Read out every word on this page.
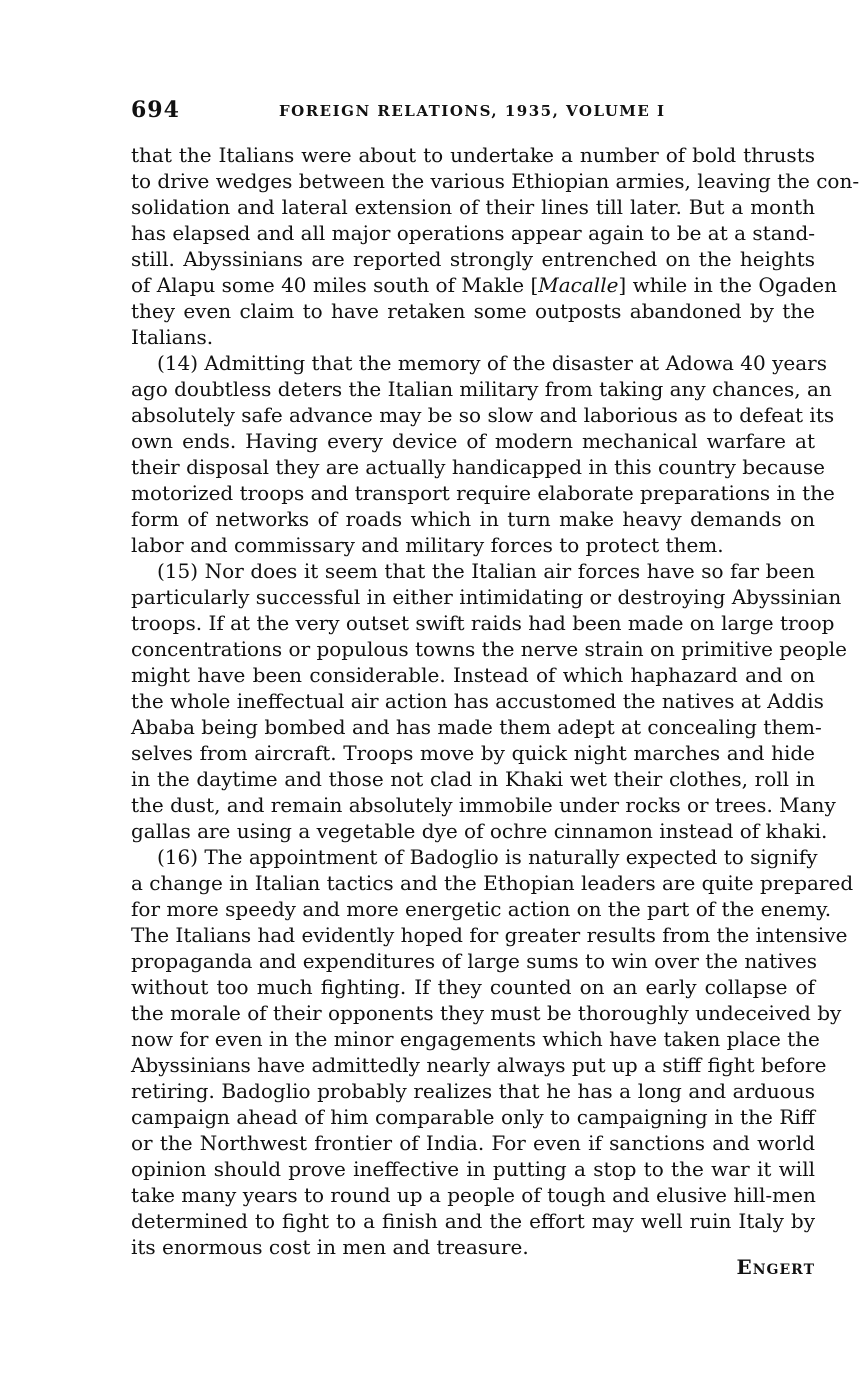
694	FOREIGN RELATIONS, 1935, VOLUME I
that the Italians were about to undertake a number of bold thrusts
to drive wedges between the various Ethiopian armies, leaving the con-
solidation and lateral extension of their lines till later. But a month
has elapsed and all major operations appear again to be at a stand-
still. Abyssinians are reported strongly entrenched on the heights
of Alapu some 40 miles south of Makle [Macalle] while in the Ogaden
they even claim to have retaken some outposts abandoned by the
Italians.
(14) Admitting that the memory of the disaster at Adowa 40 years
ago doubtless deters the Italian military from taking any chances, an
absolutely safe advance may be so slow and laborious as to defeat its
own ends. Having every device of modern mechanical warfare at
their disposal they are actually handicapped in this country because
motorized troops and transport require elaborate preparations in the
form of networks of roads which in turn make heavy demands on
labor and commissary and military forces to protect them.
(15) Nor does it seem that the Italian air forces have so far been
particularly successful in either intimidating or destroying Abyssinian
troops. If at the very outset swift raids had been made on large troop
concentrations or populous towns the nerve strain on primitive people
might have been considerable. Instead of which haphazard and on
the whole ineffectual air action has accustomed the natives at Addis
Ababa being bombed and has made them adept at concealing them-
selves from aircraft. Troops move by quick night marches and hide
in the daytime and those not clad in Khaki wet their clothes, roll in
the dust, and remain absolutely immobile under rocks or trees. Many
gallas are using a vegetable dye of ochre cinnamon instead of khaki.
(16) The appointment of Badoglio is naturally expected to signify
a change in Italian tactics and the Ethopian leaders are quite prepared
for more speedy and more energetic action on the part of the enemy.
The Italians had evidently hoped for greater results from the intensive
propaganda and expenditures of large sums to win over the natives
without too much fighting. If they counted on an early collapse of
the morale of their opponents they must be thoroughly undeceived by
now for even in the minor engagements which have taken place the
Abyssinians have admittedly nearly always put up a stiff fight before
retiring. Badoglio probably realizes that he has a long and arduous
campaign ahead of him comparable only to campaigning in the Riff
or the Northwest frontier of India. For even if sanctions and world
opinion should prove ineffective in putting a stop to the war it will
take many years to round up a people of tough and elusive hill-men
determined to fight to a finish and the effort may well ruin Italy by
its enormous cost in men and treasure.
Engert
